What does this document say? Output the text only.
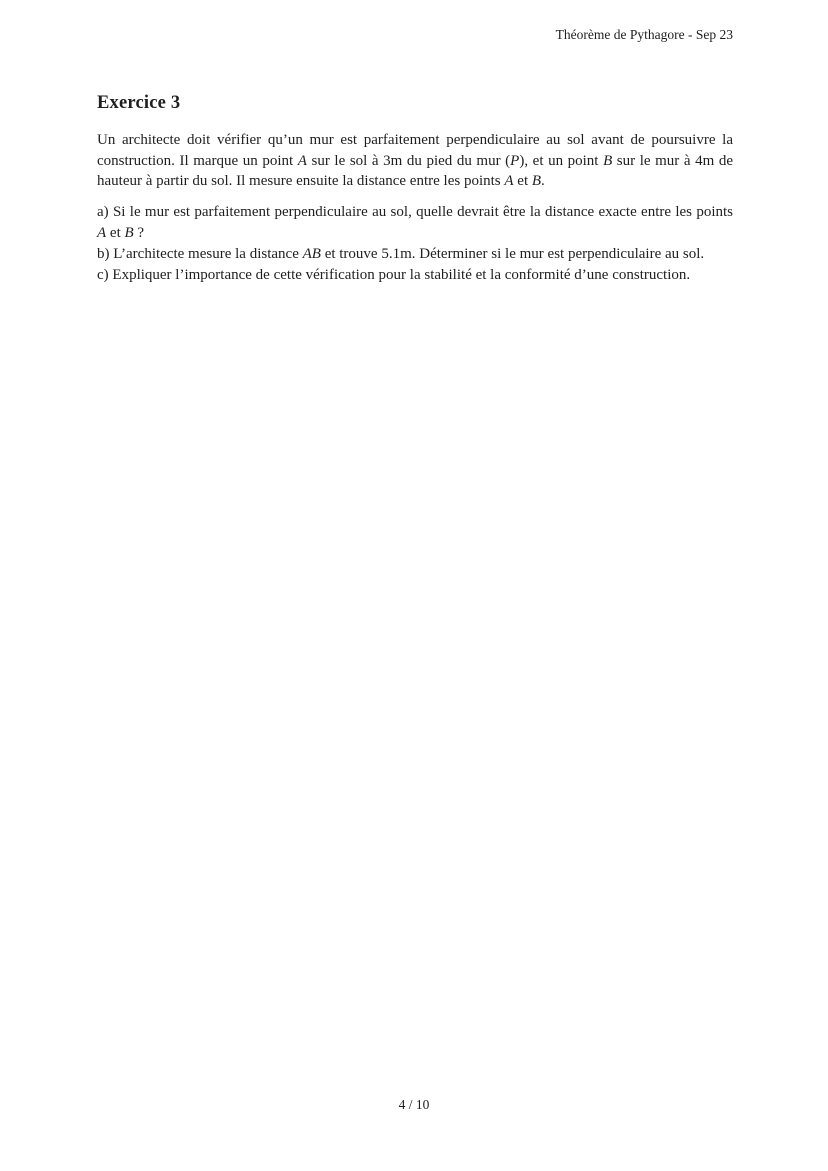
Théorème de Pythagore - Sep 23
Exercice 3

Un architecte doit vérifier qu’un mur est parfaitement perpendiculaire au sol avant de poursuivre la construction. Il marque un point A sur le sol à 3m du pied du mur (P), et un point B sur le mur à 4m de hauteur à partir du sol. Il mesure ensuite la distance entre les points A et B.

a) Si le mur est parfaitement perpendiculaire au sol, quelle devrait être la distance exacte entre les points A et B ?
b) L’architecte mesure la distance AB et trouve 5.1m. Déterminer si le mur est perpendiculaire au sol.
c) Expliquer l’importance de cette vérification pour la stabilité et la conformité d’une construction.
4 / 10
